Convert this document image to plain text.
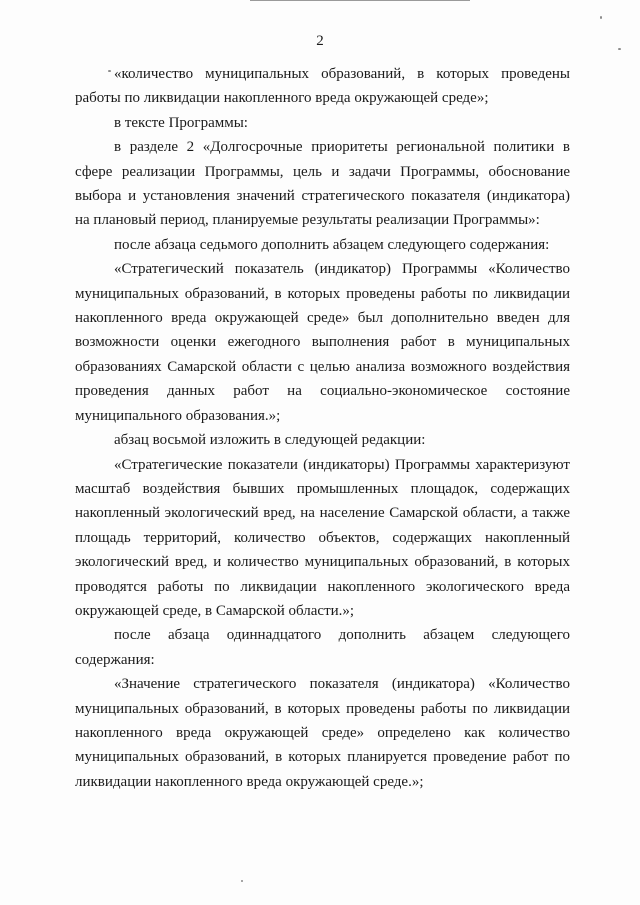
2

«количество муниципальных образований, в которых проведены работы по ликвидации накопленного вреда окружающей среде»;

в тексте Программы:

в разделе 2 «Долгосрочные приоритеты региональной политики в сфере реализации Программы, цель и задачи Программы, обоснование выбора и установления значений стратегического показателя (индикатора) на плановый период, планируемые результаты реализации Программы»:

после абзаца седьмого дополнить абзацем следующего содержания:

«Стратегический показатель (индикатор) Программы «Количество муниципальных образований, в которых проведены работы по ликвидации накопленного вреда окружающей среде» был дополнительно введен для возможности оценки ежегодного выполнения работ в муниципальных образованиях Самарской области с целью анализа возможного воздействия проведения данных работ на социально-экономическое состояние муниципального образования.»;

абзац восьмой изложить в следующей редакции:

«Стратегические показатели (индикаторы) Программы характеризуют масштаб воздействия бывших промышленных площадок, содержащих накопленный экологический вред, на население Самарской области, а также площадь территорий, количество объектов, содержащих накопленный экологический вред, и количество муниципальных образований, в которых проводятся работы по ликвидации накопленного экологического вреда окружающей среде, в Самарской области.»;

после абзаца одиннадцатого дополнить абзацем следующего содержания:

«Значение стратегического показателя (индикатора) «Количество муниципальных образований, в которых проведены работы по ликвидации накопленного вреда окружающей среде» определено как количество муниципальных образований, в которых планируется проведение работ по ликвидации накопленного вреда окружающей среде.»;
